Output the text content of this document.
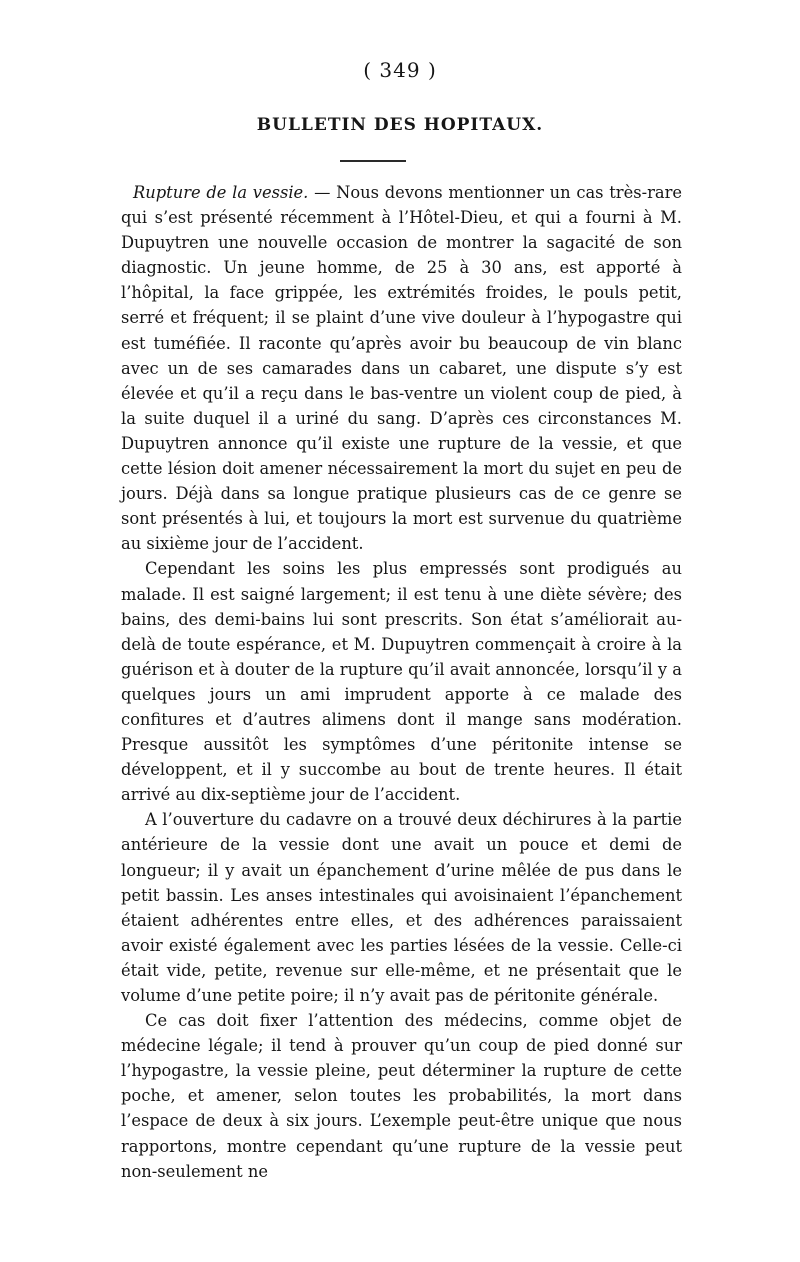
( 349 )
BULLETIN DES HOPITAUX.

Rupture de la vessie. — Nous devons mentionner un cas très-rare qui s’est présenté récemment à l’Hôtel-Dieu, et qui a fourni à M. Dupuytren une nouvelle occasion de montrer la sagacité de son diagnostic. Un jeune homme, de 25 à 30 ans, est apporté à l’hôpital, la face grippée, les extrémités froides, le pouls petit, serré et fréquent; il se plaint d’une vive douleur à l’hypogastre qui est tuméfiée. Il raconte qu’après avoir bu beaucoup de vin blanc avec un de ses camarades dans un cabaret, une dispute s’y est élevée et qu’il a reçu dans le bas-ventre un violent coup de pied, à la suite duquel il a uriné du sang. D’après ces circonstances M. Dupuytren annonce qu’il existe une rupture de la vessie, et que cette lésion doit amener nécessairement la mort du sujet en peu de jours. Déjà dans sa longue pratique plusieurs cas de ce genre se sont présentés à lui, et toujours la mort est survenue du quatrième au sixième jour de l’accident.

Cependant les soins les plus empressés sont prodigués au malade. Il est saigné largement; il est tenu à une diète sévère; des bains, des demi-bains lui sont prescrits. Son état s’améliorait au-delà de toute espérance, et M. Dupuytren commençait à croire à la guérison et à douter de la rupture qu’il avait annoncée, lorsqu’il y a quelques jours un ami imprudent apporte à ce malade des confitures et d’autres alimens dont il mange sans modération. Presque aussitôt les symptômes d’une péritonite intense se développent, et il y succombe au bout de trente heures. Il était arrivé au dix-septième jour de l’accident.

A l’ouverture du cadavre on a trouvé deux déchirures à la partie antérieure de la vessie dont une avait un pouce et demi de longueur; il y avait un épanchement d’urine mêlée de pus dans le petit bassin. Les anses intestinales qui avoisinaient l’épanchement étaient adhérentes entre elles, et des adhérences paraissaient avoir existé également avec les parties lésées de la vessie. Celle-ci était vide, petite, revenue sur elle-même, et ne présentait que le volume d’une petite poire; il n’y avait pas de péritonite générale.

Ce cas doit fixer l’attention des médecins, comme objet de médecine légale; il tend à prouver qu’un coup de pied donné sur l’hypogastre, la vessie pleine, peut déterminer la rupture de cette poche, et amener, selon toutes les probabilités, la mort dans l’espace de deux à six jours. L’exemple peut-être unique que nous rapportons, montre cependant qu’une rupture de la vessie peut non-seulement ne
